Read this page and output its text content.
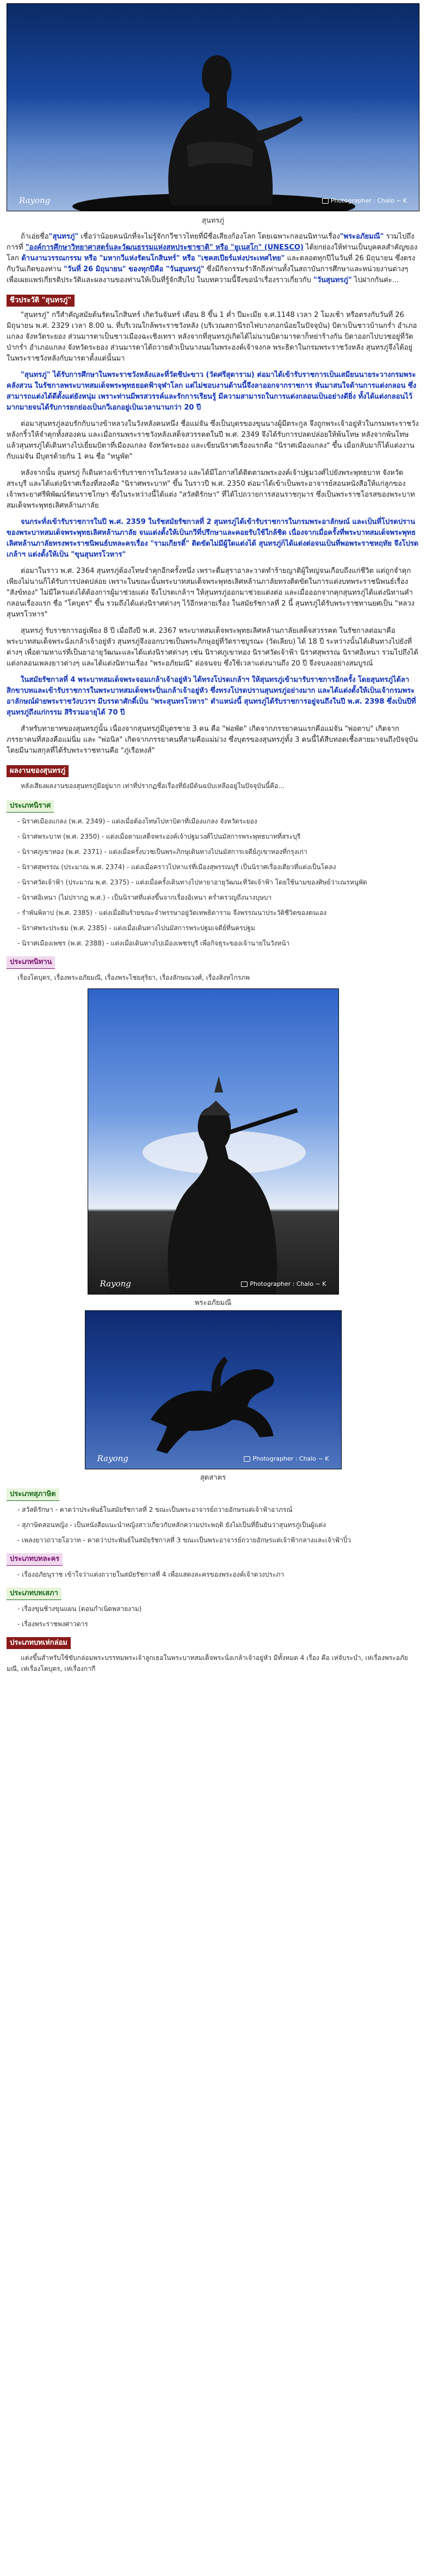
Rayong	Photographer : Chalo ~ K
สุนทรภู่

ถ้าเอ่ยชื่อ"สุนทรภู่" เชื่อว่าน้อยคนนักที่จะไม่รู้จักกวีชาวไทยที่มีชื่อเสียงก้องโลก โดยเฉพาะกลอนนิทานเรื่อง"พระอภัยมณี" รวมไปถึงการที่ "องค์การศึกษาวิทยาศาสตร์และวัฒนธรรมแห่งสหประชาชาติ" หรือ "ยูเนสโก" (UNESCO) ได้ยกย่องให้ท่านเป็นบุคคลสำคัญของโลก ด้านงานวรรณกรรม หรือ "มหากวีแห่งรัตนโกสินทร์" หรือ "เชคสเปียร์แห่งประเทศไทย" และตลอดทุกปีในวันที่ 26 มิถุนายน ซึ่งตรงกับวันเกิดของท่าน "วันที่ 26 มิถุนายน" ของทุกปีคือ "วันสุนทรภู่" ซึ่งมีกิจกรรมรำลึกถึงท่านทั้งในสถาบันการศึกษาและหน่วยงานต่างๆ เพื่อเผยแพร่เกียรติประวัติและผลงานของท่านให้เป็นที่รู้จักสืบไป ในบทความนี้จึงขอนำเรื่องราวเกี่ยวกับ "วันสุนทรภู่" ไปฝากกันค่ะ...

ชีวประวัติ "สุนทรภู่"

"สุนทรภู่" กวีสำคัญสมัยต้นรัตนโกสินทร์ เกิดวันจันทร์ เดือน 8 ขึ้น 1 ค่ำ ปีมะเมีย จ.ศ.1148 เวลา 2 โมงเช้า หรือตรงกับวันที่ 26 มิถุนายน พ.ศ. 2329 เวลา 8.00 น. ที่บริเวณใกล้พระราชวังหลัง (บริเวณสถานีรถไฟบางกอกน้อยในปัจจุบัน) บิดาเป็นชาวบ้านกร่ำ อำเภอแกลง จังหวัดระยอง ส่วนมารดาเป็นชาวเมืองฉะเชิงเทรา หลังจากที่สุนทรภู่เกิดได้ไม่นานบิดามารดาก็หย่าร้างกัน บิดาออกไปบวชอยู่ที่วัดป่ากร่ำ อำเภอแกลง จังหวัดระยอง ส่วนมารดาได้ถวายตัวเป็นนางนมในพระองค์เจ้าจงกล พระธิดาในกรมพระราชวังหลัง สุนทรภู่จึงได้อยู่ในพระราชวังหลังกับมารดาตั้งแต่นั้นมา

"สุนทรภู่" ได้รับการศึกษาในพระราชวังหลังและที่วัดชีปะขาว (วัดศรีสุดาราม) ต่อมาได้เข้ารับราชการเป็นเสมียนนายระวางกรมพระคลังสวน ในรัชกาลพระบาทสมเด็จพระพุทธยอดฟ้าจุฬาโลก แต่ไม่ชอบงานด้านนี้จึงลาออกจากราชการ หันมาสนใจด้านการแต่งกลอน ซึ่งสามารถแต่งได้ดีตั้งแต่ยังหนุ่ม เพราะท่านมีพรสวรรค์และรักการเรียนรู้ มีความสามารถในการแต่งกลอนเป็นอย่างดียิ่ง ทั้งได้แต่งกลอนไว้มากมายจนได้รับการยกย่องเป็นกวีเอกอยู่เป็นเวลานานกว่า 20 ปี

ต่อมาสุนทรภู่ลอบรักกับนางข้าหลวงในวังหลังคนหนึ่ง ชื่อแม่จัน ซึ่งเป็นบุตรของขุนนางผู้มีตระกูล จึงถูกพระเจ้าอยู่หัวในกรมพระราชวังหลังกริ้วให้จำคุกทั้งสองคน และเมื่อกรมพระราชวังหลังเสด็จสวรรคตในปี พ.ศ. 2349 จึงได้รับการปลดปล่อยให้พ้นโทษ หลังจากพ้นโทษแล้วสุนทรภู่ได้เดินทางไปเยี่ยมบิดาที่เมืองแกลง จังหวัดระยอง และเขียนนิราศเรื่องแรกคือ "นิราศเมืองแกลง" ขึ้น เมื่อกลับมาก็ได้แต่งงานกับแม่จัน มีบุตรด้วยกัน 1 คน ชื่อ "หนูพัด"

หลังจากนั้น สุนทรภู่ ก็เดินทางเข้ารับราชการในวังหลวง และได้มีโอกาสได้ติดตามพระองค์เจ้าปฐมวงศ์ไปยังพระพุทธบาท จังหวัดสระบุรี และได้แต่งนิราศเรื่องที่สองคือ "นิราศพระบาท" ขึ้น ในราวปี พ.ศ. 2350 ต่อมาได้เข้าเป็นพระอาจารย์สอนหนังสือให้แก่ลูกของเจ้าพระยาศรีพิพัฒน์รัตนราชโกษา ซึ่งในระหว่างนี้ได้แต่ง "สวัสดิรักษา" ที่ได้ไปถวายการสอนราชกุมาร ซึ่งเป็นพระราชโอรสของพระบาทสมเด็จพระพุทธเลิศหล้านภาลัย

จนกระทั่งเข้ารับราชการในปี พ.ศ. 2359 ในรัชสมัยรัชกาลที่ 2 สุนทรภู่ได้เข้ารับราชการในกรมพระอาลักษณ์ และเป็นที่โปรดปรานของพระบาทสมเด็จพระพุทธเลิศหล้านภาลัย จนแต่งตั้งให้เป็นกวีที่ปรึกษาและคอยรับใช้ใกล้ชิด เนื่องจากเมื่อครั้งที่พระบาทสมเด็จพระพุทธเลิศหล้านภาลัยทรงพระราชนิพนธ์บทละครเรื่อง "รามเกียรติ์" ติดขัดไม่มีผู้ใดแต่งได้ สุนทรภู่ก็ได้แต่งต่อจนเป็นที่พอพระราชหฤทัย จึงโปรดเกล้าฯ แต่งตั้งให้เป็น "ขุนสุนทรโวหาร"

ต่อมาในราว พ.ศ. 2364 สุนทรภู่ต้องโทษจำคุกอีกครั้งหนึ่ง เพราะดื่มสุราอาละวาดทำร้ายญาติผู้ใหญ่จนเกือบถึงแก่ชีวิต แต่ถูกจำคุกเพียงไม่นานก็ได้รับการปลดปล่อย เพราะในขณะนั้นพระบาทสมเด็จพระพุทธเลิศหล้านภาลัยทรงติดขัดในการแต่งบทพระราชนิพนธ์เรื่อง "สังข์ทอง" ไม่มีใครแต่งได้ต้องการผู้มาช่วยแต่ง จึงโปรดเกล้าฯ ให้สุนทรภู่ออกมาช่วยแต่งต่อ และเมื่อออกจากคุกสุนทรภู่ได้แต่งนิทานคำกลอนเรื่องแรก ชื่อ "โคบุตร" ขึ้น รวมถึงได้แต่งนิราศต่างๆ ไว้อีกหลายเรื่อง ในสมัยรัชกาลที่ 2 นี้ สุนทรภู่ได้รับพระราชทานยศเป็น "หลวงสุนทรโวหาร"

สุนทรภู่ รับราชการอยู่เพียง 8 ปี เมื่อถึงปี พ.ศ. 2367 พระบาทสมเด็จพระพุทธเลิศหล้านภาลัยเสด็จสวรรคต ในรัชกาลต่อมาคือ พระบาทสมเด็จพระนั่งเกล้าเจ้าอยู่หัว สุนทรภู่จึงออกบวชเป็นพระภิกษุอยู่ที่วัดราชบูรณะ (วัดเลียบ) ได้ 18 ปี ระหว่างนั้นได้เดินทางไปยังที่ต่างๆ เพื่อตามหาแร่ที่เป็นยาอายุวัฒนะและได้แต่งนิราศต่างๆ เช่น นิราศภูเขาทอง นิราศวัดเจ้าฟ้า นิราศสุพรรณ นิราศอิเหนา รวมไปถึงได้แต่งกลอนเพลงยาวต่างๆ และได้แต่งนิทานเรื่อง "พระอภัยมณี" ต่อจนจบ ซึ่งใช้เวลาแต่งนานถึง 20 ปี จึงจบลงอย่างสมบูรณ์

ในสมัยรัชกาลที่ 4 พระบาทสมเด็จพระจอมเกล้าเจ้าอยู่หัว ได้ทรงโปรดเกล้าฯ ให้สุนทรภู่เข้ามารับราชการอีกครั้ง โดยสุนทรภู่ได้ลาสิกขาบทและเข้ารับราชการในพระบาทสมเด็จพระปิ่นเกล้าเจ้าอยู่หัว ซึ่งทรงโปรดปรานสุนทรภู่อย่างมาก และได้แต่งตั้งให้เป็นเจ้ากรมพระอาลักษณ์ฝ่ายพระราชวังบวรฯ มีบรรดาศักดิ์เป็น "พระสุนทรโวหาร" ตำแหน่งนี้ สุนทรภู่ได้รับราชการอยู่จนถึงในปี พ.ศ. 2398 ซึ่งเป็นปีที่ สุนทรภู่ถึงแก่กรรม สิริรวมอายุได้ 70 ปี

สำหรับทายาทของสุนทรภู่นั้น เนื่องจากสุนทรภู่มีบุตรชาย 3 คน คือ "พ่อพัด" เกิดจากภรรยาคนแรกคือแม่จัน "พ่อตาบ" เกิดจากภรรยาคนที่สองคือแม่นิ่ม และ "พ่อนิล" เกิดจากภรรยาคนที่สามคือแม่ม่วง ซึ่งบุตรของสุนทรภู่ทั้ง 3 คนนี้ได้สืบทอดเชื้อสายมาจนถึงปัจจุบัน โดยมีนามสกุลที่ได้รับพระราชทานคือ "ภู่เรือหงส์"

ผลงานของสุนทรภู่

หลังเสียงผลงานของสุนทรภู่มีอยู่มาก เท่าที่ปรากฏชื่อเรื่องที่ยังมีต้นฉบับเหลืออยู่ในปัจจุบันนี้คือ...

ประเภทนิราศ
- นิราศเมืองแกลง (พ.ศ. 2349) - แต่งเมื่อต้องโทษไปหาบิดาที่เมืองแกลง จังหวัดระยอง
- นิราศพระบาท (พ.ศ. 2350) - แต่งเมื่อตามเสด็จพระองค์เจ้าปฐมวงศ์ไปนมัสการพระพุทธบาทที่สระบุรี
- นิราศภูเขาทอง (พ.ศ. 2371) - แต่งเมื่อครั้งบวชเป็นพระภิกษุเดินทางไปนมัสการเจดีย์ภูเขาทองที่กรุงเก่า
- นิราศสุพรรณ (ประมาณ พ.ศ. 2374) - แต่งเมื่อคราวไปหาแร่ที่เมืองสุพรรณบุรี เป็นนิราศเรื่องเดียวที่แต่งเป็นโคลง
- นิราศวัดเจ้าฟ้า (ประมาณ พ.ศ. 2375) - แต่งเมื่อครั้งเดินทางไปหายาอายุวัฒนะที่วัดเจ้าฟ้า โดยใช้นามของศิษย์ว่าเณรหนูพัด
- นิราศอิเหนา (ไม่ปรากฏ พ.ศ.) - เป็นนิราศที่แต่งขึ้นจากเรื่องอิเหนา คร่ำครวญถึงนางบุษบา
- รำพันพิลาป (พ.ศ. 2385) - แต่งเมื่อฝันร้ายขณะจำพรรษาอยู่วัดเทพธิดาราม จึงพรรณนาประวัติชีวิตของตนเอง
- นิราศพระประธม (พ.ศ. 2385) - แต่งเมื่อเดินทางไปนมัสการพระปฐมเจดีย์ที่นครปฐม
- นิราศเมืองเพชร (พ.ศ. 2388) - แต่งเมื่อเดินทางไปเมืองเพชรบุรี เพื่อกิจธุระของเจ้านายในวังหน้า
ประเภทนิทาน

เรื่องโคบุตร, เรื่องพระอภัยมณี, เรื่องพระไชยสุริยา, เรื่องลักษณวงศ์, เรื่องสิงหไกรภพ

Rayong	Photographer : Chalo ~ K
พระอภัยมณี
Rayong	Photographer : Chalo ~ K
สุดสาคร
ประเภทสุภาษิต
- สวัสดิรักษา - คาดว่าประพันธ์ในสมัยรัชกาลที่ 2 ขณะเป็นพระอาจารย์ถวายอักษรแด่เจ้าฟ้าอาภรณ์
- สุภาษิตสอนหญิง - เป็นหนังสือแนะนำหญิงสาวเกี่ยวกับหลักความประพฤติ ยังไม่เป็นที่ยืนยันว่าสุนทรภู่เป็นผู้แต่ง
- เพลงยาวถวายโอวาท - คาดว่าประพันธ์ในสมัยรัชกาลที่ 3 ขณะเป็นพระอาจารย์ถวายอักษรแด่เจ้าฟ้ากลางและเจ้าฟ้าปิ๋ว
ประเภทบทละคร
- เรื่องอภัยนุราช เข้าใจว่าแต่งถวายในสมัยรัชกาลที่ 4 เพื่อแสดงละครของพระองค์เจ้าดวงประภา
ประเภทบทเสภา
- เรื่องขุนช้างขุนแผน (ตอนกำเนิดพลายงาม)
- เรื่องพระราชพงศาวดาร
ประเภทบทเห่กล่อม

แต่งขึ้นสำหรับใช้ขับกล่อมพระบรรทมพระเจ้าลูกเธอในพระบาทสมเด็จพระนั่งเกล้าเจ้าอยู่หัว มีทั้งหมด 4 เรื่อง คือ เห่จับระบำ, เห่เรื่องพระอภัยมณี, เห่เรื่องโคบุตร, เห่เรื่องกากี
